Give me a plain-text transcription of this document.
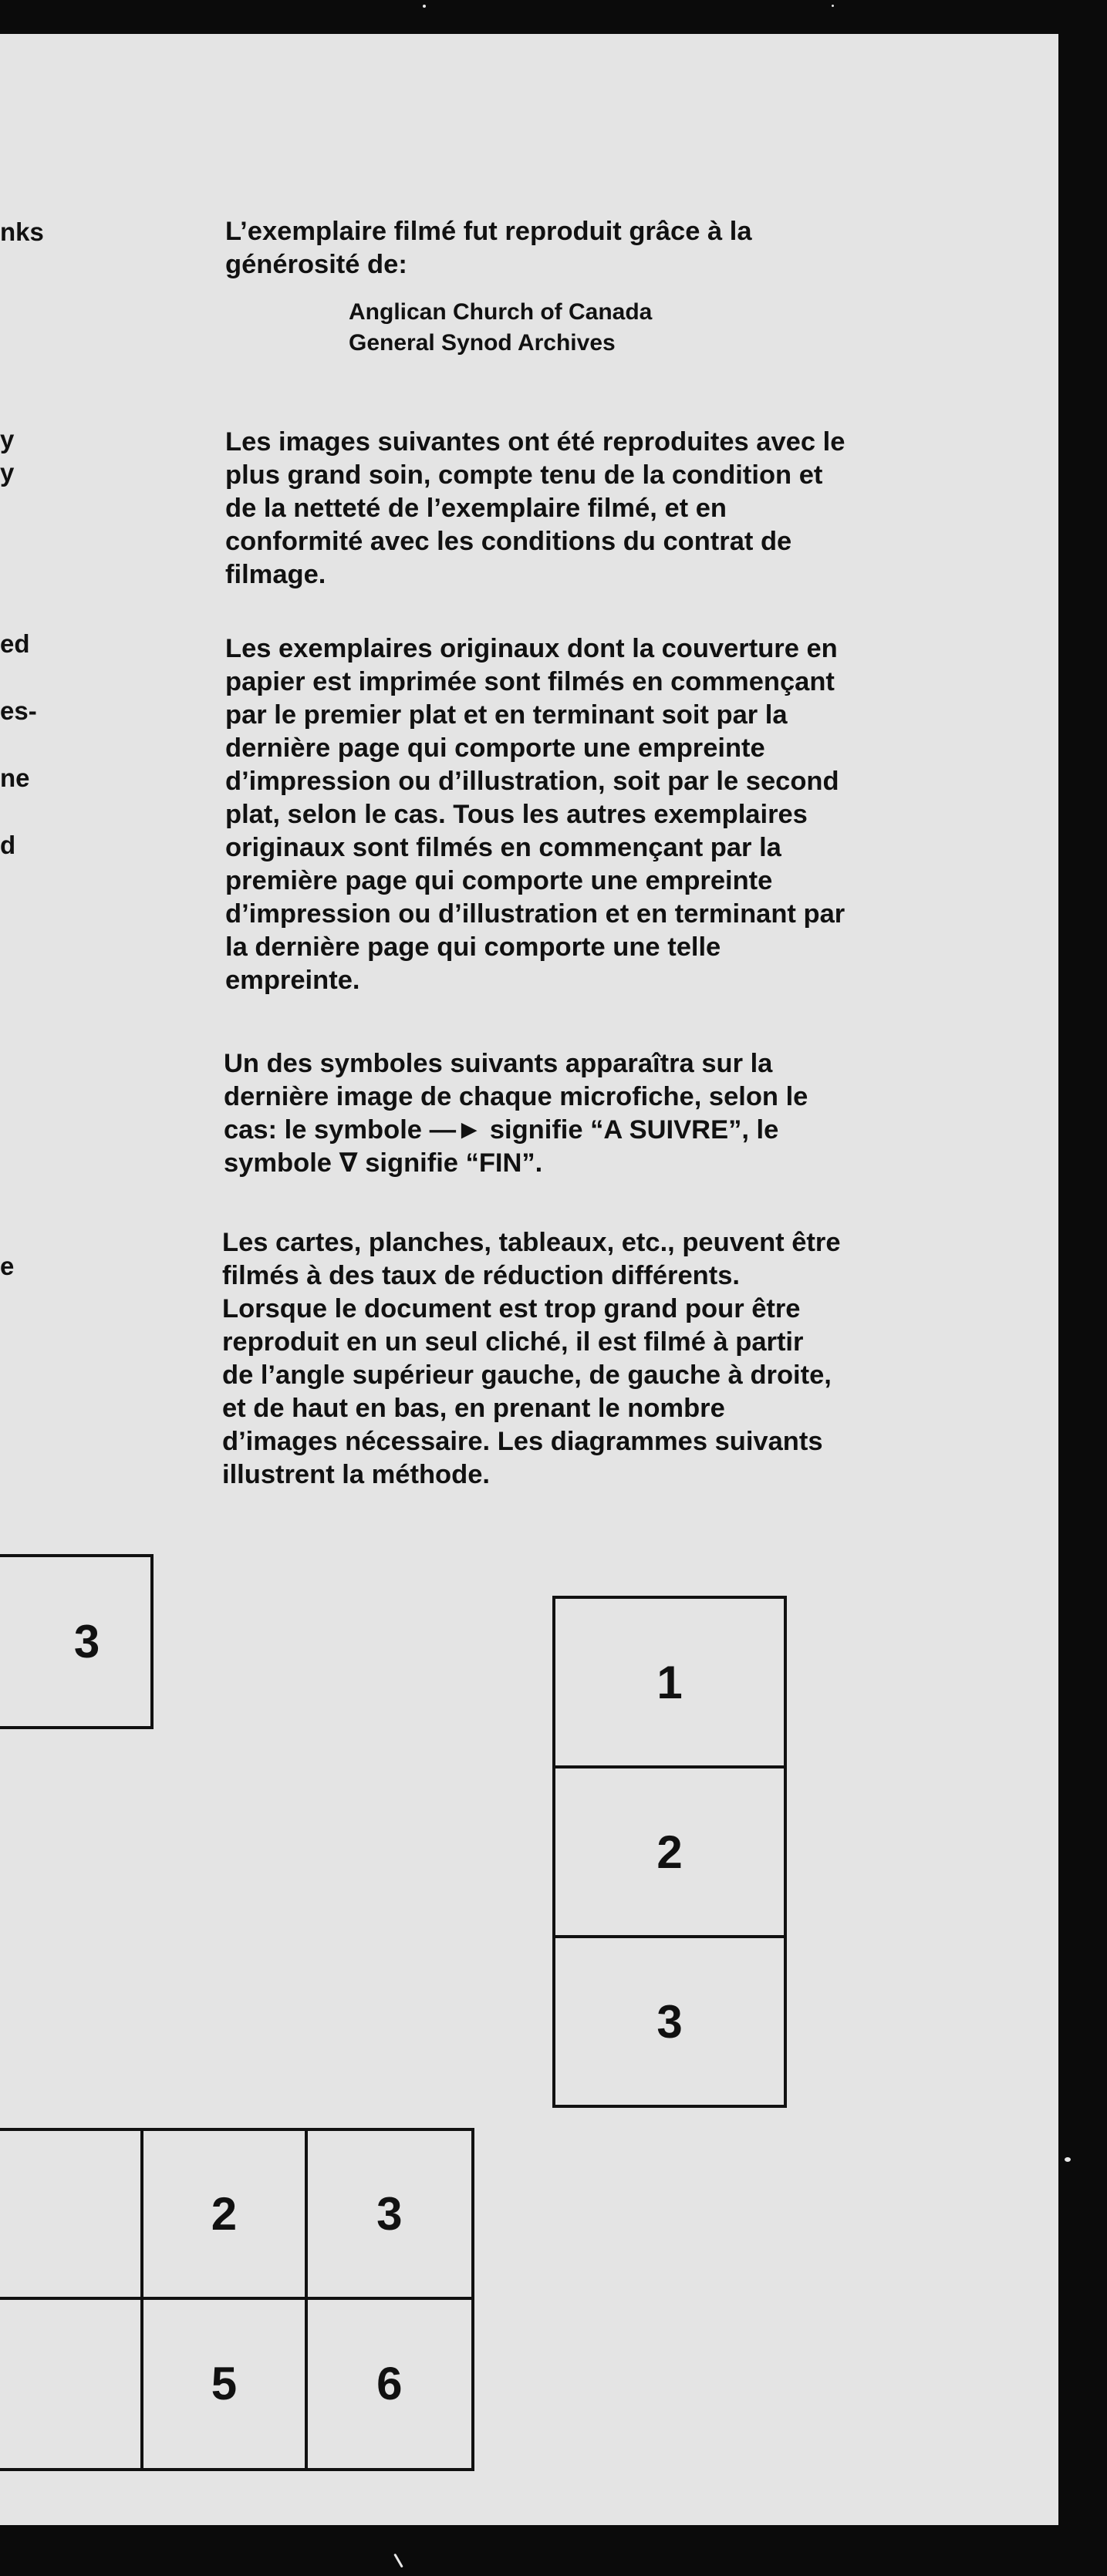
nks
y
y
ed
es-
ne
d
e
L’exemplaire filmé fut reproduit grâce à la
générosité de:
Anglican Church of Canada
General Synod Archives
Les images suivantes ont été reproduites avec le
plus grand soin, compte tenu de la condition et
de la netteté de l’exemplaire filmé, et en
conformité avec les conditions du contrat de
filmage.
Les exemplaires originaux dont la couverture en
papier est imprimée sont filmés en commençant
par le premier plat et en terminant soit par la
dernière page qui comporte une empreinte
d’impression ou d’illustration, soit par le second
plat, selon le cas. Tous les autres exemplaires
originaux sont filmés en commençant par la
première page qui comporte une empreinte
d’impression ou d’illustration et en terminant par
la dernière page qui comporte une telle
empreinte.
Un des symboles suivants apparaîtra sur la
dernière image de chaque microfiche, selon le
cas: le symbole —► signifie “A SUIVRE”, le
symbole ∇ signifie “FIN”.
Les cartes, planches, tableaux, etc., peuvent être
filmés à des taux de réduction différents.
Lorsque le document est trop grand pour être
reproduit en un seul cliché, il est filmé à partir
de l’angle supérieur gauche, de gauche à droite,
et de haut en bas, en prenant le nombre
d’images nécessaire. Les diagrammes suivants
illustrent la méthode.
3
1
2
3
2	3
5	6
